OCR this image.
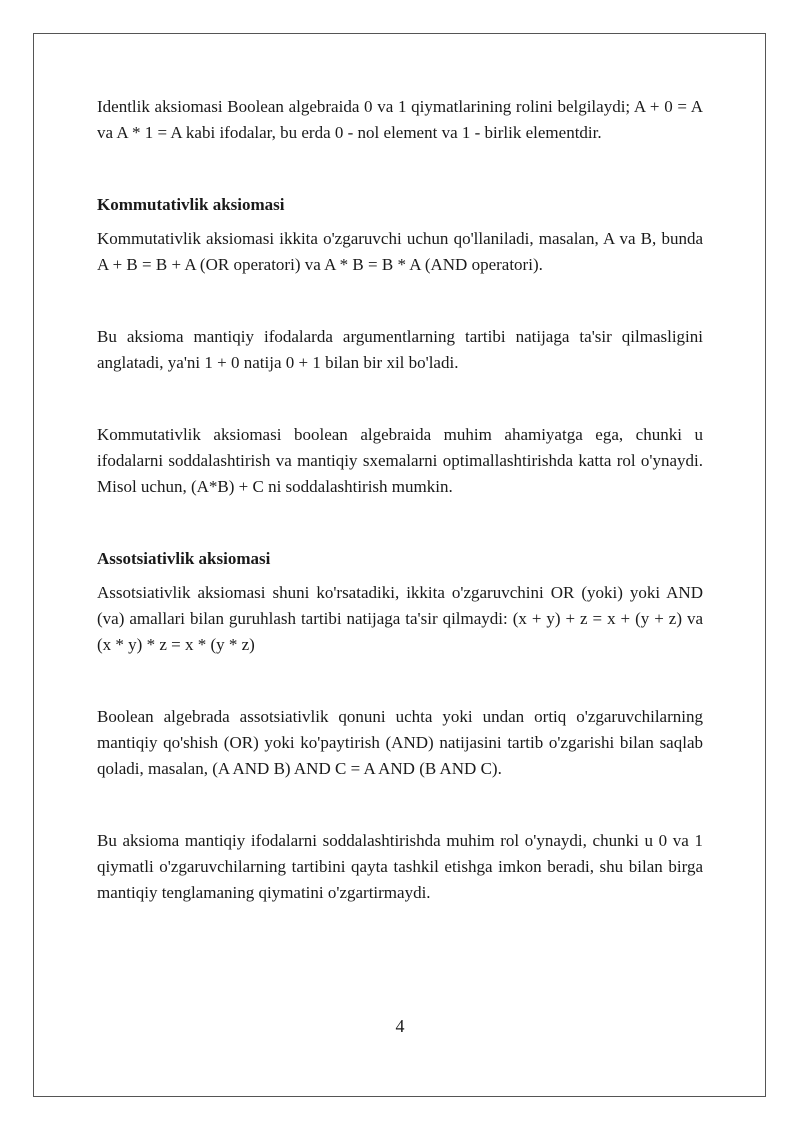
Identlik aksiomasi Boolean algebraida 0 va 1 qiymatlarining rolini belgilaydi; A + 0 = A va A * 1 = A kabi ifodalar, bu erda 0 - nol element va 1 - birlik elementdir.

Kommutativlik aksiomasi

Kommutativlik aksiomasi ikkita o'zgaruvchi uchun qo'llaniladi, masalan, A va B, bunda A + B = B + A (OR operatori) va A * B = B * A (AND operatori).

Bu aksioma mantiqiy ifodalarda argumentlarning tartibi natijaga ta'sir qilmasligini anglatadi, ya'ni 1 + 0 natija 0 + 1 bilan bir xil bo'ladi.

Kommutativlik aksiomasi boolean algebraida muhim ahamiyatga ega, chunki u ifodalarni soddalashtirish va mantiqiy sxemalarni optimallashtirishda katta rol o'ynaydi. Misol uchun, (A*B) + C ni soddalashtirish mumkin.

Assotsiativlik aksiomasi

Assotsiativlik aksiomasi shuni ko'rsatadiki, ikkita o'zgaruvchini OR (yoki) yoki AND (va) amallari bilan guruhlash tartibi natijaga ta'sir qilmaydi: (x + y) + z = x + (y + z) va (x * y) * z = x * (y * z)

Boolean algebrada assotsiativlik qonuni uchta yoki undan ortiq o'zgaruvchilarning mantiqiy qo'shish (OR) yoki ko'paytirish (AND) natijasini tartib o'zgarishi bilan saqlab qoladi, masalan, (A AND B) AND C = A AND (B AND C).

Bu aksioma mantiqiy ifodalarni soddalashtirishda muhim rol o'ynaydi, chunki u 0 va 1 qiymatli o'zgaruvchilarning tartibini qayta tashkil etishga imkon beradi, shu bilan birga mantiqiy tenglamaning qiymatini o'zgartirmaydi.

4
